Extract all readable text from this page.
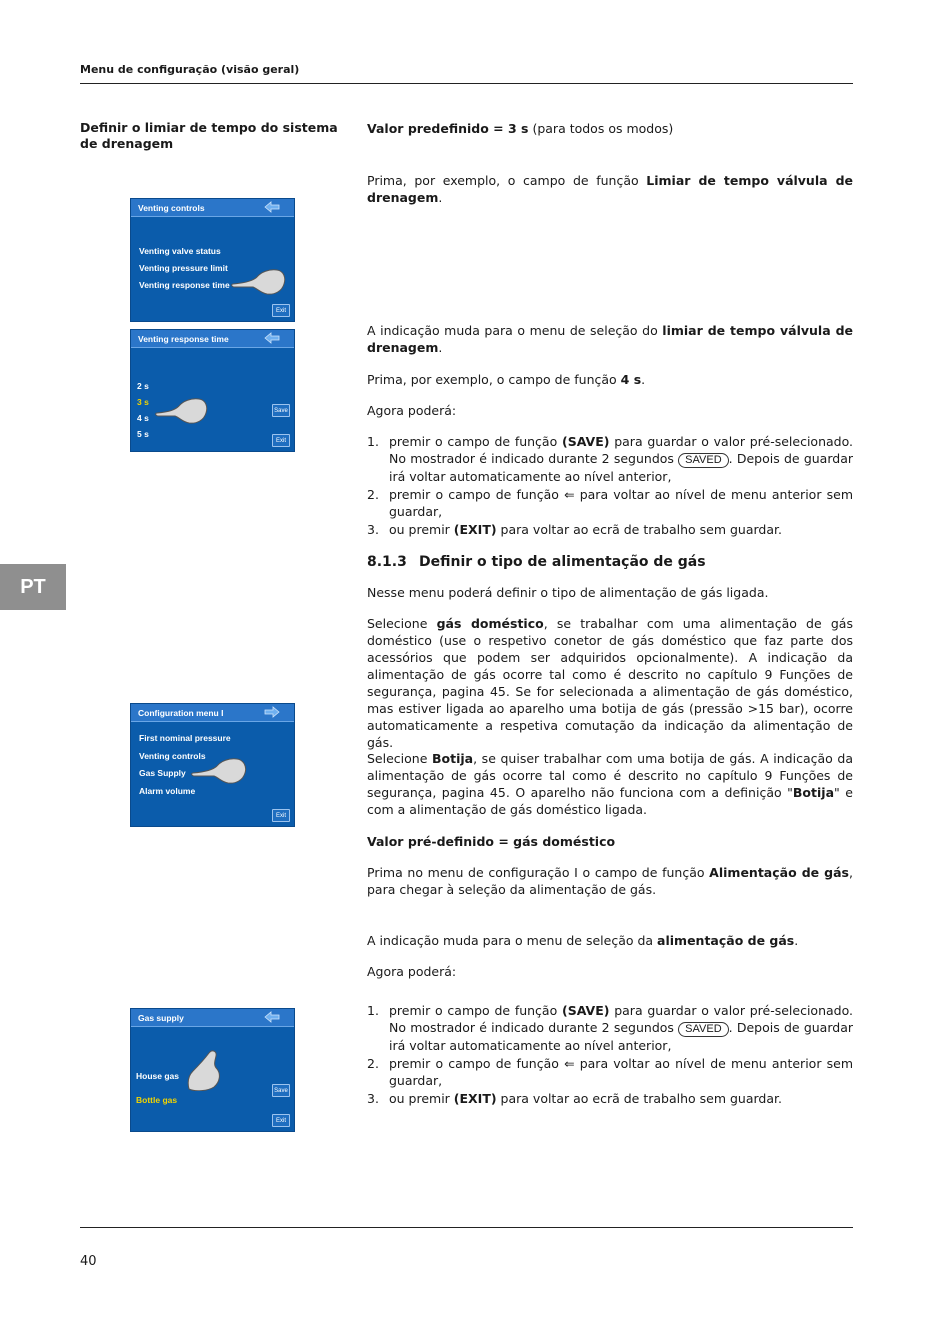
Menu de configuração (visão geral)
PT
Definir o limiar de tempo do sistema de drenagem

Valor predefinido = 3 s (para todos os modos)

Prima, por exemplo, o campo de função Limiar de tempo válvula de drenagem.

A indicação muda para o menu de seleção do limiar de tempo válvula de drenagem.

Prima, por exemplo, o campo de função 4 s.

Agora poderá:
1. premir o campo de função (SAVE) para guardar o valor pré-selecionado. No mostrador é indicado durante 2 segundos SAVED . Depois de guardar irá voltar automaticamente ao nível anterior,
2. premir o campo de função ⇐ para voltar ao nível de menu anterior sem guardar,
3. ou premir (EXIT) para voltar ao ecrã de trabalho sem guardar.
8.1.3 Definir o tipo de alimentação de gás
Nesse menu poderá definir o tipo de alimentação de gás ligada.

Selecione gás doméstico, se trabalhar com uma alimentação de gás doméstico (use o respetivo conetor de gás doméstico que faz parte dos acessórios que podem ser adquiridos opcionalmente). A indicação da alimentação de gás ocorre tal como é descrito no capítulo 9 Funções de segurança, pagina 45. Se for selecionada a alimentação de gás doméstico, mas estiver ligada ao aparelho uma botija de gás (pressão >15 bar), ocorre automaticamente a respetiva comutação da indicação da alimentação de gás.

Selecione Botija, se quiser trabalhar com uma botija de gás. A indicação da alimentação de gás ocorre tal como é descrito no capítulo 9 Funções de segurança, pagina 45. O aparelho não funciona com a definição "Botija" e com a alimentação de gás doméstico ligada.

Valor pré-definido = gás doméstico

Prima no menu de configuração I o campo de função Alimentação de gás, para chegar à seleção da alimentação de gás.

A indicação muda para o menu de seleção da alimentação de gás.

Agora poderá:
1. premir o campo de função (SAVE) para guardar o valor pré-selecionado. No mostrador é indicado durante 2 segundos SAVED . Depois de guardar irá voltar automaticamente ao nível anterior,
2. premir o campo de função ⇐ para voltar ao nível de menu anterior sem guardar,
3. ou premir (EXIT) para voltar ao ecrã de trabalho sem guardar.
Venting controls
Venting valve status
Venting pressure limit
Venting response time
Exit
Venting response time
2 s
3 s
4 s
5 s
Save
Exit
Configuration menu I
First nominal pressure
Venting controls
Gas Supply
Alarm volume
Exit
Gas supply
House gas
Bottle gas
Save
Exit
40
